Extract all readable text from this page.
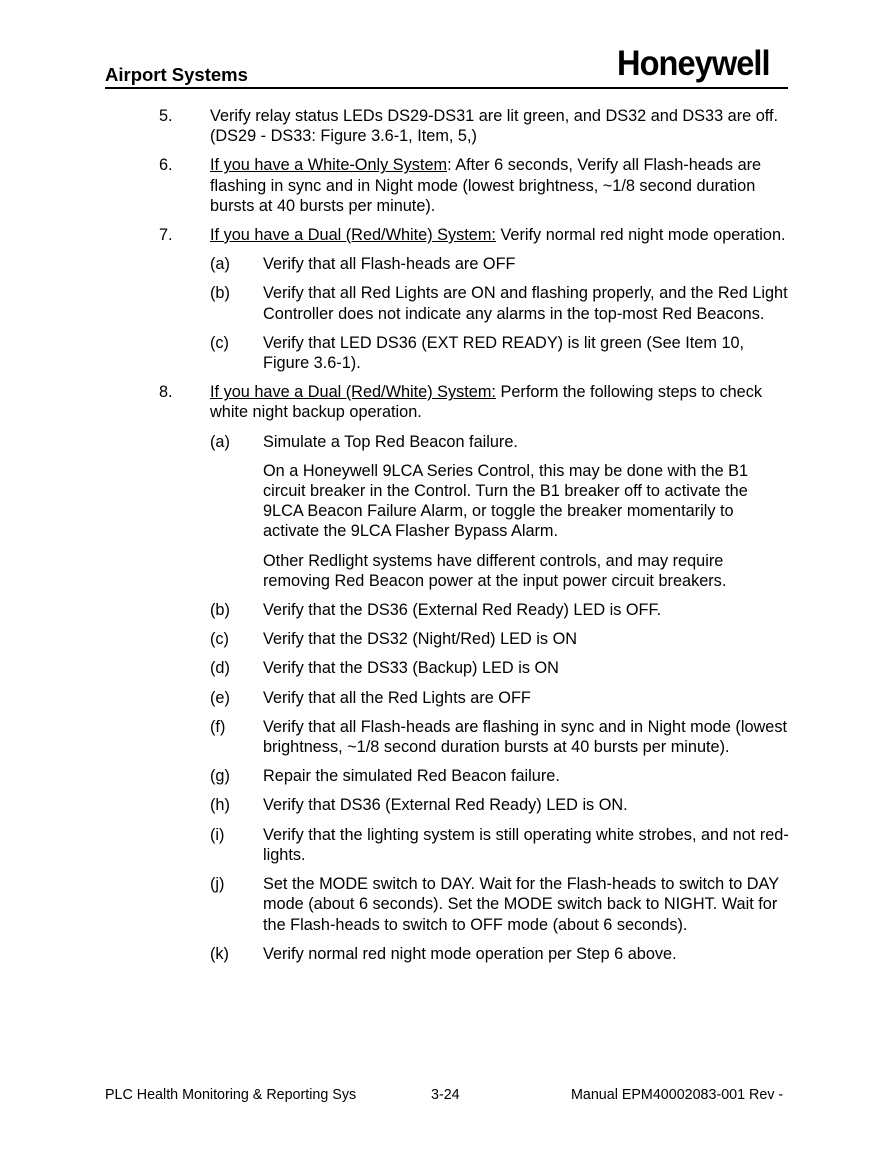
Airport Systems	Honeywell
5. Verify relay status LEDs DS29-DS31 are lit green, and DS32 and DS33 are off. (DS29 - DS33: Figure 3.6-1, Item, 5,)
6. If you have a White-Only System: After 6 seconds, Verify all Flash-heads are flashing in sync and in Night mode (lowest brightness, ~1/8 second duration bursts at 40 bursts per minute).
7. If you have a Dual (Red/White) System: Verify normal red night mode operation.
(a) Verify that all Flash-heads are OFF
(b) Verify that all Red Lights are ON and flashing properly, and the Red Light Controller does not indicate any alarms in the top-most Red Beacons.
(c) Verify that LED DS36 (EXT RED READY) is lit green (See Item 10, Figure 3.6-1).
8. If you have a Dual (Red/White) System: Perform the following steps to check white night backup operation.
(a) Simulate a Top Red Beacon failure.
On a Honeywell 9LCA Series Control, this may be done with the B1 circuit breaker in the Control. Turn the B1 breaker off to activate the 9LCA Beacon Failure Alarm, or toggle the breaker momentarily to activate the 9LCA Flasher Bypass Alarm.
Other Redlight systems have different controls, and may require removing Red Beacon power at the input power circuit breakers.
(b) Verify that the DS36 (External Red Ready) LED is OFF.
(c) Verify that the DS32 (Night/Red) LED is ON
(d) Verify that the DS33 (Backup) LED is ON
(e) Verify that all the Red Lights are OFF
(f) Verify that all Flash-heads are flashing in sync and in Night mode (lowest brightness, ~1/8 second duration bursts at 40 bursts per minute).
(g) Repair the simulated Red Beacon failure.
(h) Verify that DS36 (External Red Ready) LED is ON.
(i) Verify that the lighting system is still operating white strobes, and not red-lights.
(j) Set the MODE switch to DAY. Wait for the Flash-heads to switch to DAY mode (about 6 seconds). Set the MODE switch back to NIGHT. Wait for the Flash-heads to switch to OFF mode (about 6 seconds).
(k) Verify normal red night mode operation per Step 6 above.
PLC Health Monitoring & Reporting Sys	3-24	Manual EPM40002083-001 Rev -
